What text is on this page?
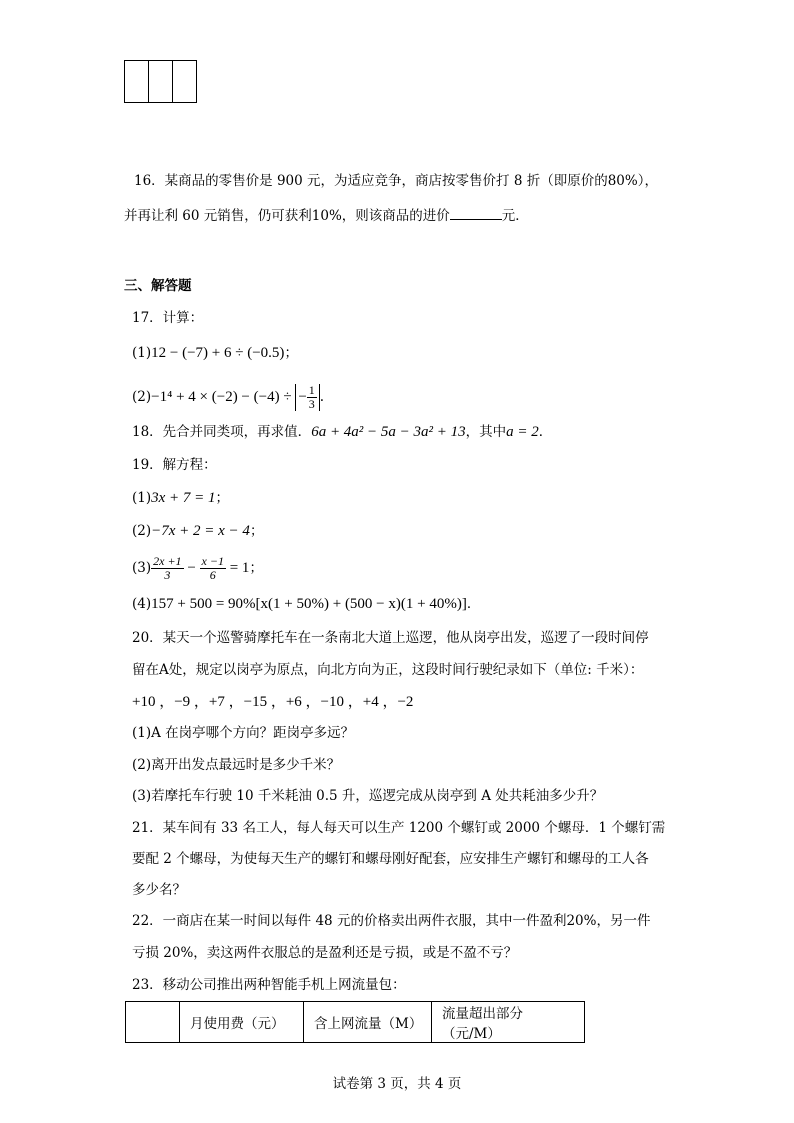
16．某商品的零售价是 900 元，为适应竞争，商店按零售价打 8 折（即原价的80%），
并再让利 60 元销售，仍可获利10%，则该商品的进价	元．
三、解答题
17．计算：
(1)12 − (−7) + 6 ÷ (−0.5)；
(2)−1⁴ + 4 × (−2) − (−4) ÷ − $\frac{1}{3}$ .
18．先合并同类项，再求值．6a + 4a² − 5a − 3a² + 13，其中a = 2．
19．解方程：
(1)3x + 7 = 1；
(2)−7x + 2 = x − 4；
$(3) \frac{2x +1}{3} - \frac{x -1}{6} = 1$；
(4)157 + 500 = 90%[x(1 + 50%) + (500 − x)(1 + 40%)]．
20．某天一个巡警骑摩托车在一条南北大道上巡逻，他从岗亭出发，巡逻了一段时间停
留在A处，规定以岗亭为原点，向北方向为正，这段时间行驶纪录如下（单位: 千米）：
+10 ，−9 ，+7 ，−15 ，+6 ，−10 ，+4 ，−2
(1)A 在岗亭哪个方向？距岗亭多远？
(2)离开出发点最远时是多少千米？
(3)若摩托车行驶 10 千米耗油 0.5 升，巡逻完成从岗亭到 A 处共耗油多少升？
21．某车间有 33 名工人，每人每天可以生产 1200 个螺钉或 2000 个螺母．1 个螺钉需
要配 2 个螺母，为使每天生产的螺钉和螺母刚好配套，应安排生产螺钉和螺母的工人各
多少名？
22．一商店在某一时间以每件 48 元的价格卖出两件衣服，其中一件盈利20%，另一件
亏损 20%，卖这两件衣服总的是盈利还是亏损，或是不盈不亏？
23．移动公司推出两种智能手机上网流量包：
	月使用费（元）	含上网流量（M）	流量超出部分（元/M）
试卷第 3 页，共 4 页
